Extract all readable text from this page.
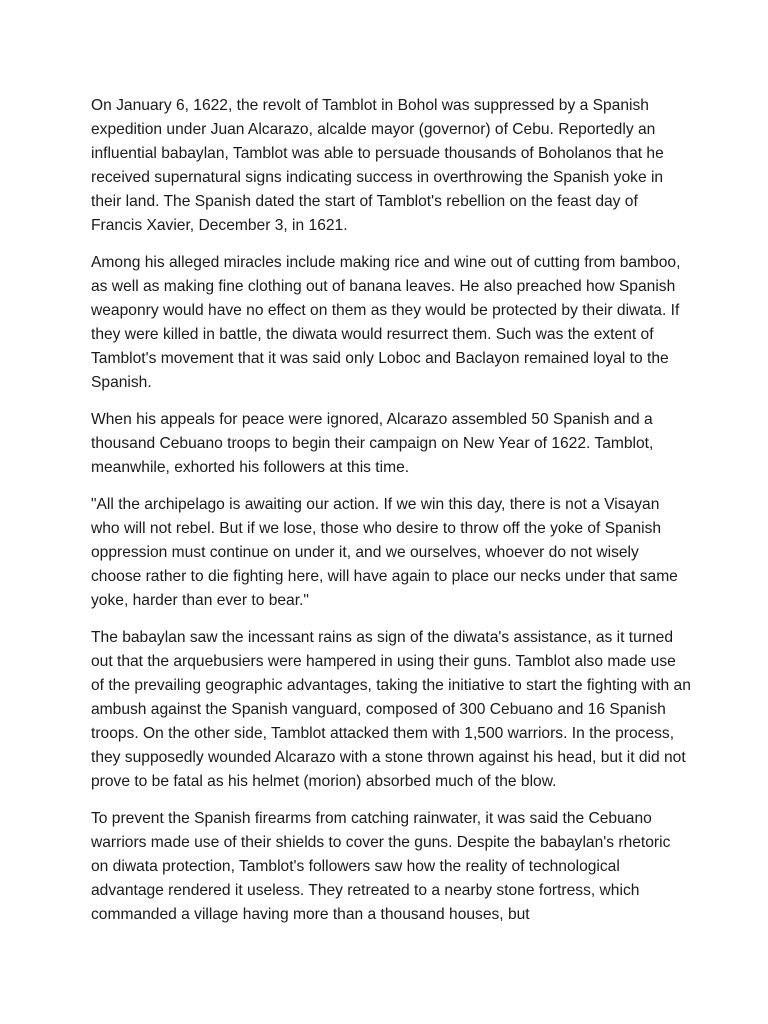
On January 6, 1622, the revolt of Tamblot in Bohol was suppressed by a Spanish expedition under Juan Alcarazo, alcalde mayor (governor) of Cebu. Reportedly an influential babaylan, Tamblot was able to persuade thousands of Boholanos that he received supernatural signs indicating success in overthrowing the Spanish yoke in their land. The Spanish dated the start of Tamblot's rebellion on the feast day of Francis Xavier, December 3, in 1621.

Among his alleged miracles include making rice and wine out of cutting from bamboo, as well as making fine clothing out of banana leaves. He also preached how Spanish weaponry would have no effect on them as they would be protected by their diwata. If they were killed in battle, the diwata would resurrect them. Such was the extent of Tamblot's movement that it was said only Loboc and Baclayon remained loyal to the Spanish.

When his appeals for peace were ignored, Alcarazo assembled 50 Spanish and a thousand Cebuano troops to begin their campaign on New Year of 1622. Tamblot, meanwhile, exhorted his followers at this time.

"All the archipelago is awaiting our action. If we win this day, there is not a Visayan who will not rebel. But if we lose, those who desire to throw off the yoke of Spanish oppression must continue on under it, and we ourselves, whoever do not wisely choose rather to die fighting here, will have again to place our necks under that same yoke, harder than ever to bear."

The babaylan saw the incessant rains as sign of the diwata's assistance, as it turned out that the arquebusiers were hampered in using their guns. Tamblot also made use of the prevailing geographic advantages, taking the initiative to start the fighting with an ambush against the Spanish vanguard, composed of 300 Cebuano and 16 Spanish troops. On the other side, Tamblot attacked them with 1,500 warriors. In the process, they supposedly wounded Alcarazo with a stone thrown against his head, but it did not prove to be fatal as his helmet (morion) absorbed much of the blow.

To prevent the Spanish firearms from catching rainwater, it was said the Cebuano warriors made use of their shields to cover the guns. Despite the babaylan's rhetoric on diwata protection, Tamblot's followers saw how the reality of technological advantage rendered it useless. They retreated to a nearby stone fortress, which commanded a village having more than a thousand houses, but
